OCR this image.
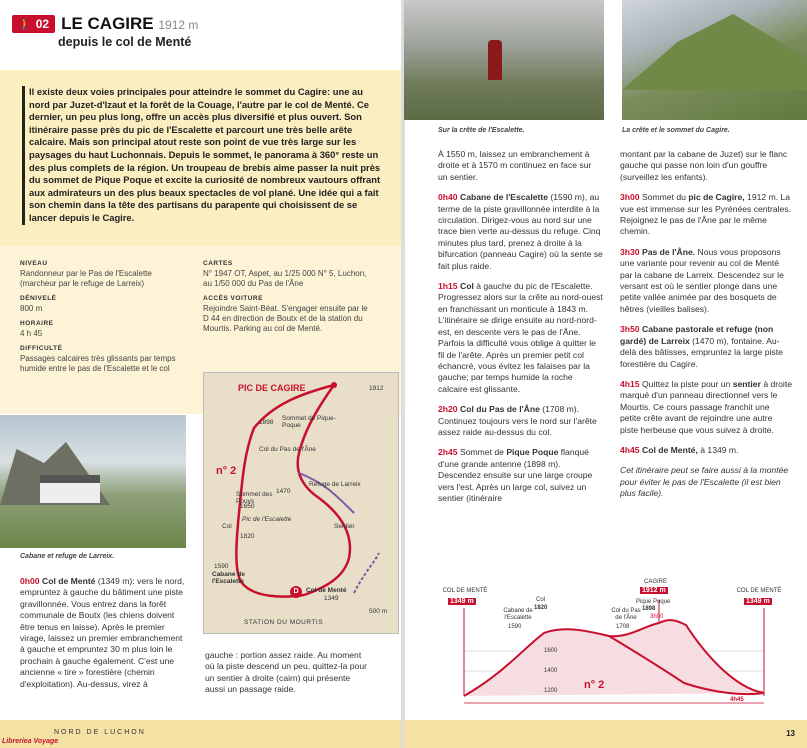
🚶 02 LE CAGIRE 1912 m
depuis le col de Menté

Il existe deux voies principales pour atteindre le sommet du Cagire: une au nord par Juzet-d'Izaut et la forêt de la Couage, l'autre par le col de Menté. Ce dernier, un peu plus long, offre un accès plus diversifié et plus ouvert. Son itinéraire passe près du pic de l'Escalette et parcourt une très belle arête calcaire. Mais son principal atout reste son point de vue très large sur les paysages du haut Luchonnais. Depuis le sommet, le panorama à 360° reste un des plus complets de la région. Un troupeau de brebis aime passer la nuit près du sommet de Pique Poque et excite la curiosité de nombreux vautours offrant aux admirateurs un des plus beaux spectacles de vol plané. Une idée qui a fait son chemin dans la tête des partisans du parapente qui choisissent de se lancer depuis le Cagire.

NIVEAU
Randonneur par le Pas de l'Escalette (marcheur par le refuge de Larreix)
DÉNIVELÉ
800 m
HORAIRE
4 h 45
DIFFICULTÉ
Passages calcaires très glissants par temps humide entre le pas de l'Escalette et le col
CARTES
N° 1947 OT, Aspet, au 1/25 000 N° 5, Luchon, au 1/50 000 du Pas de l'Âne
ACCÈS VOITURE
Rejoindre Saint-Béat. S'engager ensuite par le D 44 en direction de Boutx et de la station du Mourtis. Parking au col de Menté.
Cabane et refuge de Larreix.
PIC DE CAGIRE	1912
n° 2
Sommet de Pique-Poque
Col du Pas de l'Âne
Refuge de Larreix
Sommet des Pouys
Col
Pic de l'Escalette
Sentier
Cabane de l'Escalette
Col de Menté
STATION DU MOURTIS
1898
1470
1820
1650
1590
1349
500 m
D
0h00 Col de Menté (1349 m): vers le nord, empruntez à gauche du bâtiment une piste gravillonnée. Vous entrez dans la forêt communale de Boutx (les chiens doivent être tenus en laisse). Après le premier virage, laissez un premier embranchement à gauche et empruntez 30 m plus loin le prochain à gauche également. C'est une ancienne « tire » forestière (chemin d'exploitation). Au-dessus, virez à
gauche : portion assez raide. Au moment où la piste descend un peu, quittez-la pour un sentier à droite (cairn) qui présente aussi un passage raide.
NORD DE LUCHON
Libreriea Voyage
Sur la crête de l'Escalette.	La crête et le sommet du Cagire.
À 1550 m, laissez un embranchement à droite et à 1570 m continuez en face sur un sentier.
0h40 Cabane de l'Escalette (1590 m), au terme de la piste gravillonnée interdite à la circulation. Dirigez-vous au nord sur une trace bien verte au-dessus du refuge. Cinq minutes plus tard, prenez à droite à la bifurcation (panneau Cagire) où la sente se fait plus raide.
1h15 Col à gauche du pic de l'Escalette. Progressez alors sur la crête au nord-ouest en franchissant un monticule à 1843 m. L'itinéraire se dirige ensuite au nord-nord-est, en descente vers le pas de l'Âne. Parfois la difficulté vous oblige à quitter le fil de l'arête. Après un premier petit col échancré, vous évitez les falaises par la gauche; par temps humide la roche calcaire est glissante.
2h20 Col du Pas de l'Âne (1708 m). Continuez toujours vers le nord sur l'arête assez raide au-dessus du col.
2h45 Sommet de Pique Poque flanqué d'une grande antenne (1898 m). Descendez ensuite sur une large croupe vers l'est. Après un large col, suivez un sentier (itinéraire
montant par la cabane de Juzet) sur le flanc gauche qui passe non loin d'un gouffre (surveillez les enfants).
3h00 Sommet du pic de Cagire, 1912 m. La vue est immense sur les Pyrénées centrales. Rejoignez le pas de l'Âne par le même chemin.
3h30 Pas de l'Âne. Nous vous proposons une variante pour revenir au col de Menté par la cabane de Larreix. Descendez sur le versant est où le sentier plonge dans une petite vallée animée par des bosquets de hêtres (vieilles balises).
3h50 Cabane pastorale et refuge (non gardé) de Larreix (1470 m), fontaine. Au-delà des bâtisses, empruntez la large piste forestière du Cagire.
4h15 Quittez la piste pour un sentier à droite marqué d'un panneau directionnel vers le Mourtis. Ce cours passage franchit une petite crête avant de rejoindre une autre piste herbeuse que vous suivez à droite.
4h45 Col de Menté, à 1349 m.
Cet itinéraire peut se faire aussi à la montée pour éviter le pas de l'Escalette (il est bien plus facile).
COL DE MENTÉ
1349 m
Cabane de l'Escalette
1590
Col
1820	Col du Pas de l'Âne
1708
Pique Poque
1898
CAGIRE
1912 m
3h00
COL DE MENTÉ
1349 m
1600
1400
1200 n° 2
4h45
13
